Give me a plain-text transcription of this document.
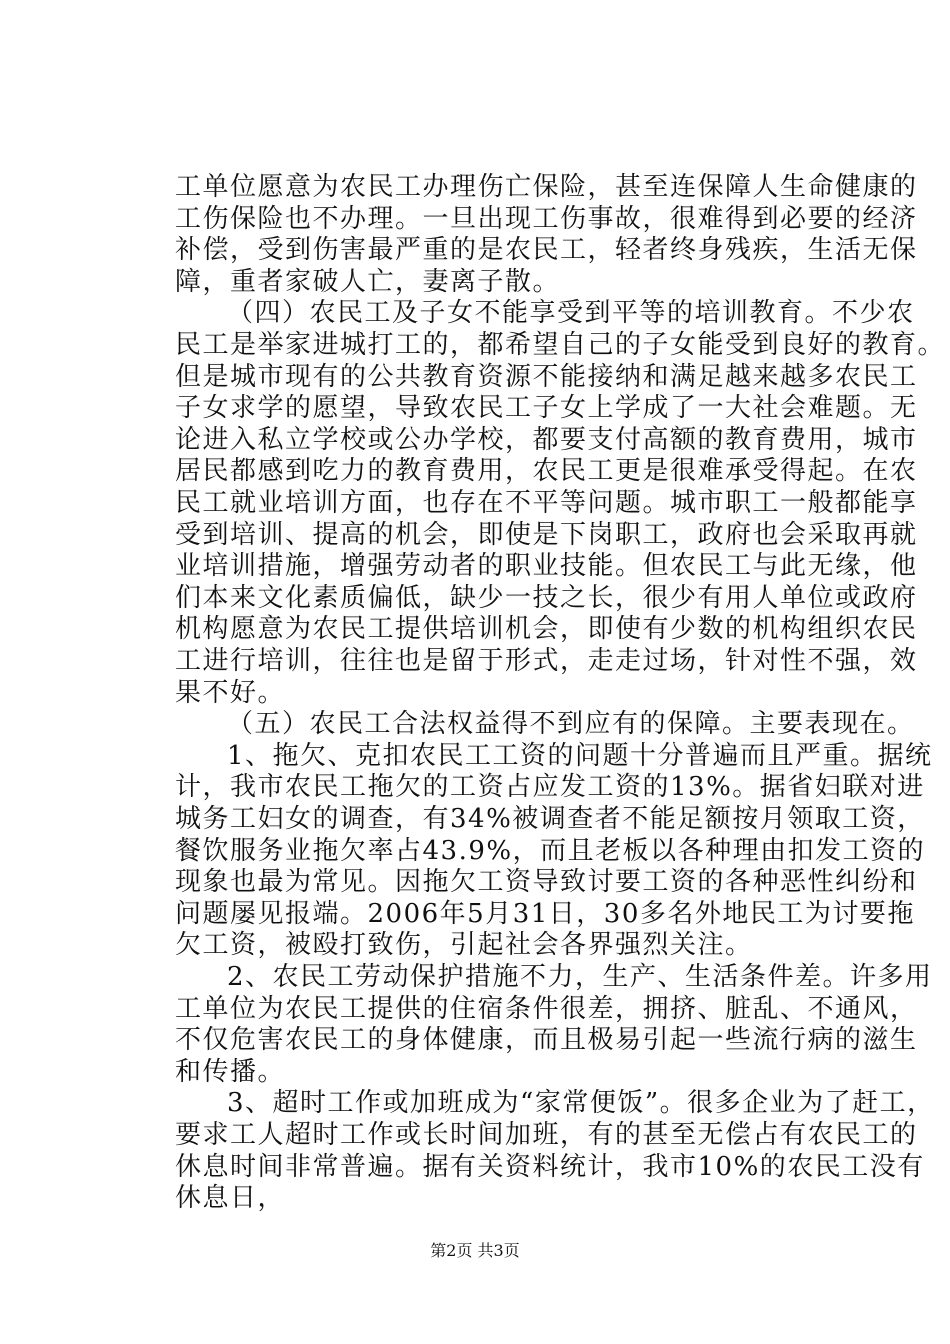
工单位愿意为农民工办理伤亡保险，甚至连保障人生命健康的
工伤保险也不办理。一旦出现工伤事故，很难得到必要的经济
补偿，受到伤害最严重的是农民工，轻者终身残疾，生活无保
障，重者家破人亡，妻离子散。
（四）农民工及子女不能享受到平等的培训教育。不少农
民工是举家进城打工的，都希望自己的子女能受到良好的教育。
但是城市现有的公共教育资源不能接纳和满足越来越多农民工
子女求学的愿望，导致农民工子女上学成了一大社会难题。无
论进入私立学校或公办学校，都要支付高额的教育费用，城市
居民都感到吃力的教育费用，农民工更是很难承受得起。在农
民工就业培训方面，也存在不平等问题。城市职工一般都能享
受到培训、提高的机会，即使是下岗职工，政府也会采取再就
业培训措施，增强劳动者的职业技能。但农民工与此无缘，他
们本来文化素质偏低，缺少一技之长，很少有用人单位或政府
机构愿意为农民工提供培训机会，即使有少数的机构组织农民
工进行培训，往往也是留于形式，走走过场，针对性不强，效
果不好。
（五）农民工合法权益得不到应有的保障。主要表现在。
1、拖欠、克扣农民工工资的问题十分普遍而且严重。据统
计，我市农民工拖欠的工资占应发工资的13%。据省妇联对进
城务工妇女的调查，有34%被调查者不能足额按月领取工资，
餐饮服务业拖欠率占43.9%，而且老板以各种理由扣发工资的
现象也最为常见。因拖欠工资导致讨要工资的各种恶性纠纷和
问题屡见报端。2006年5月31日，30多名外地民工为讨要拖
欠工资，被殴打致伤，引起社会各界强烈关注。
2、农民工劳动保护措施不力，生产、生活条件差。许多用
工单位为农民工提供的住宿条件很差，拥挤、脏乱、不通风，
不仅危害农民工的身体健康，而且极易引起一些流行病的滋生
和传播。
3、超时工作或加班成为“家常便饭”。很多企业为了赶工，
要求工人超时工作或长时间加班，有的甚至无偿占有农民工的
休息时间非常普遍。据有关资料统计，我市10%的农民工没有
休息日，
第2页 共3页
